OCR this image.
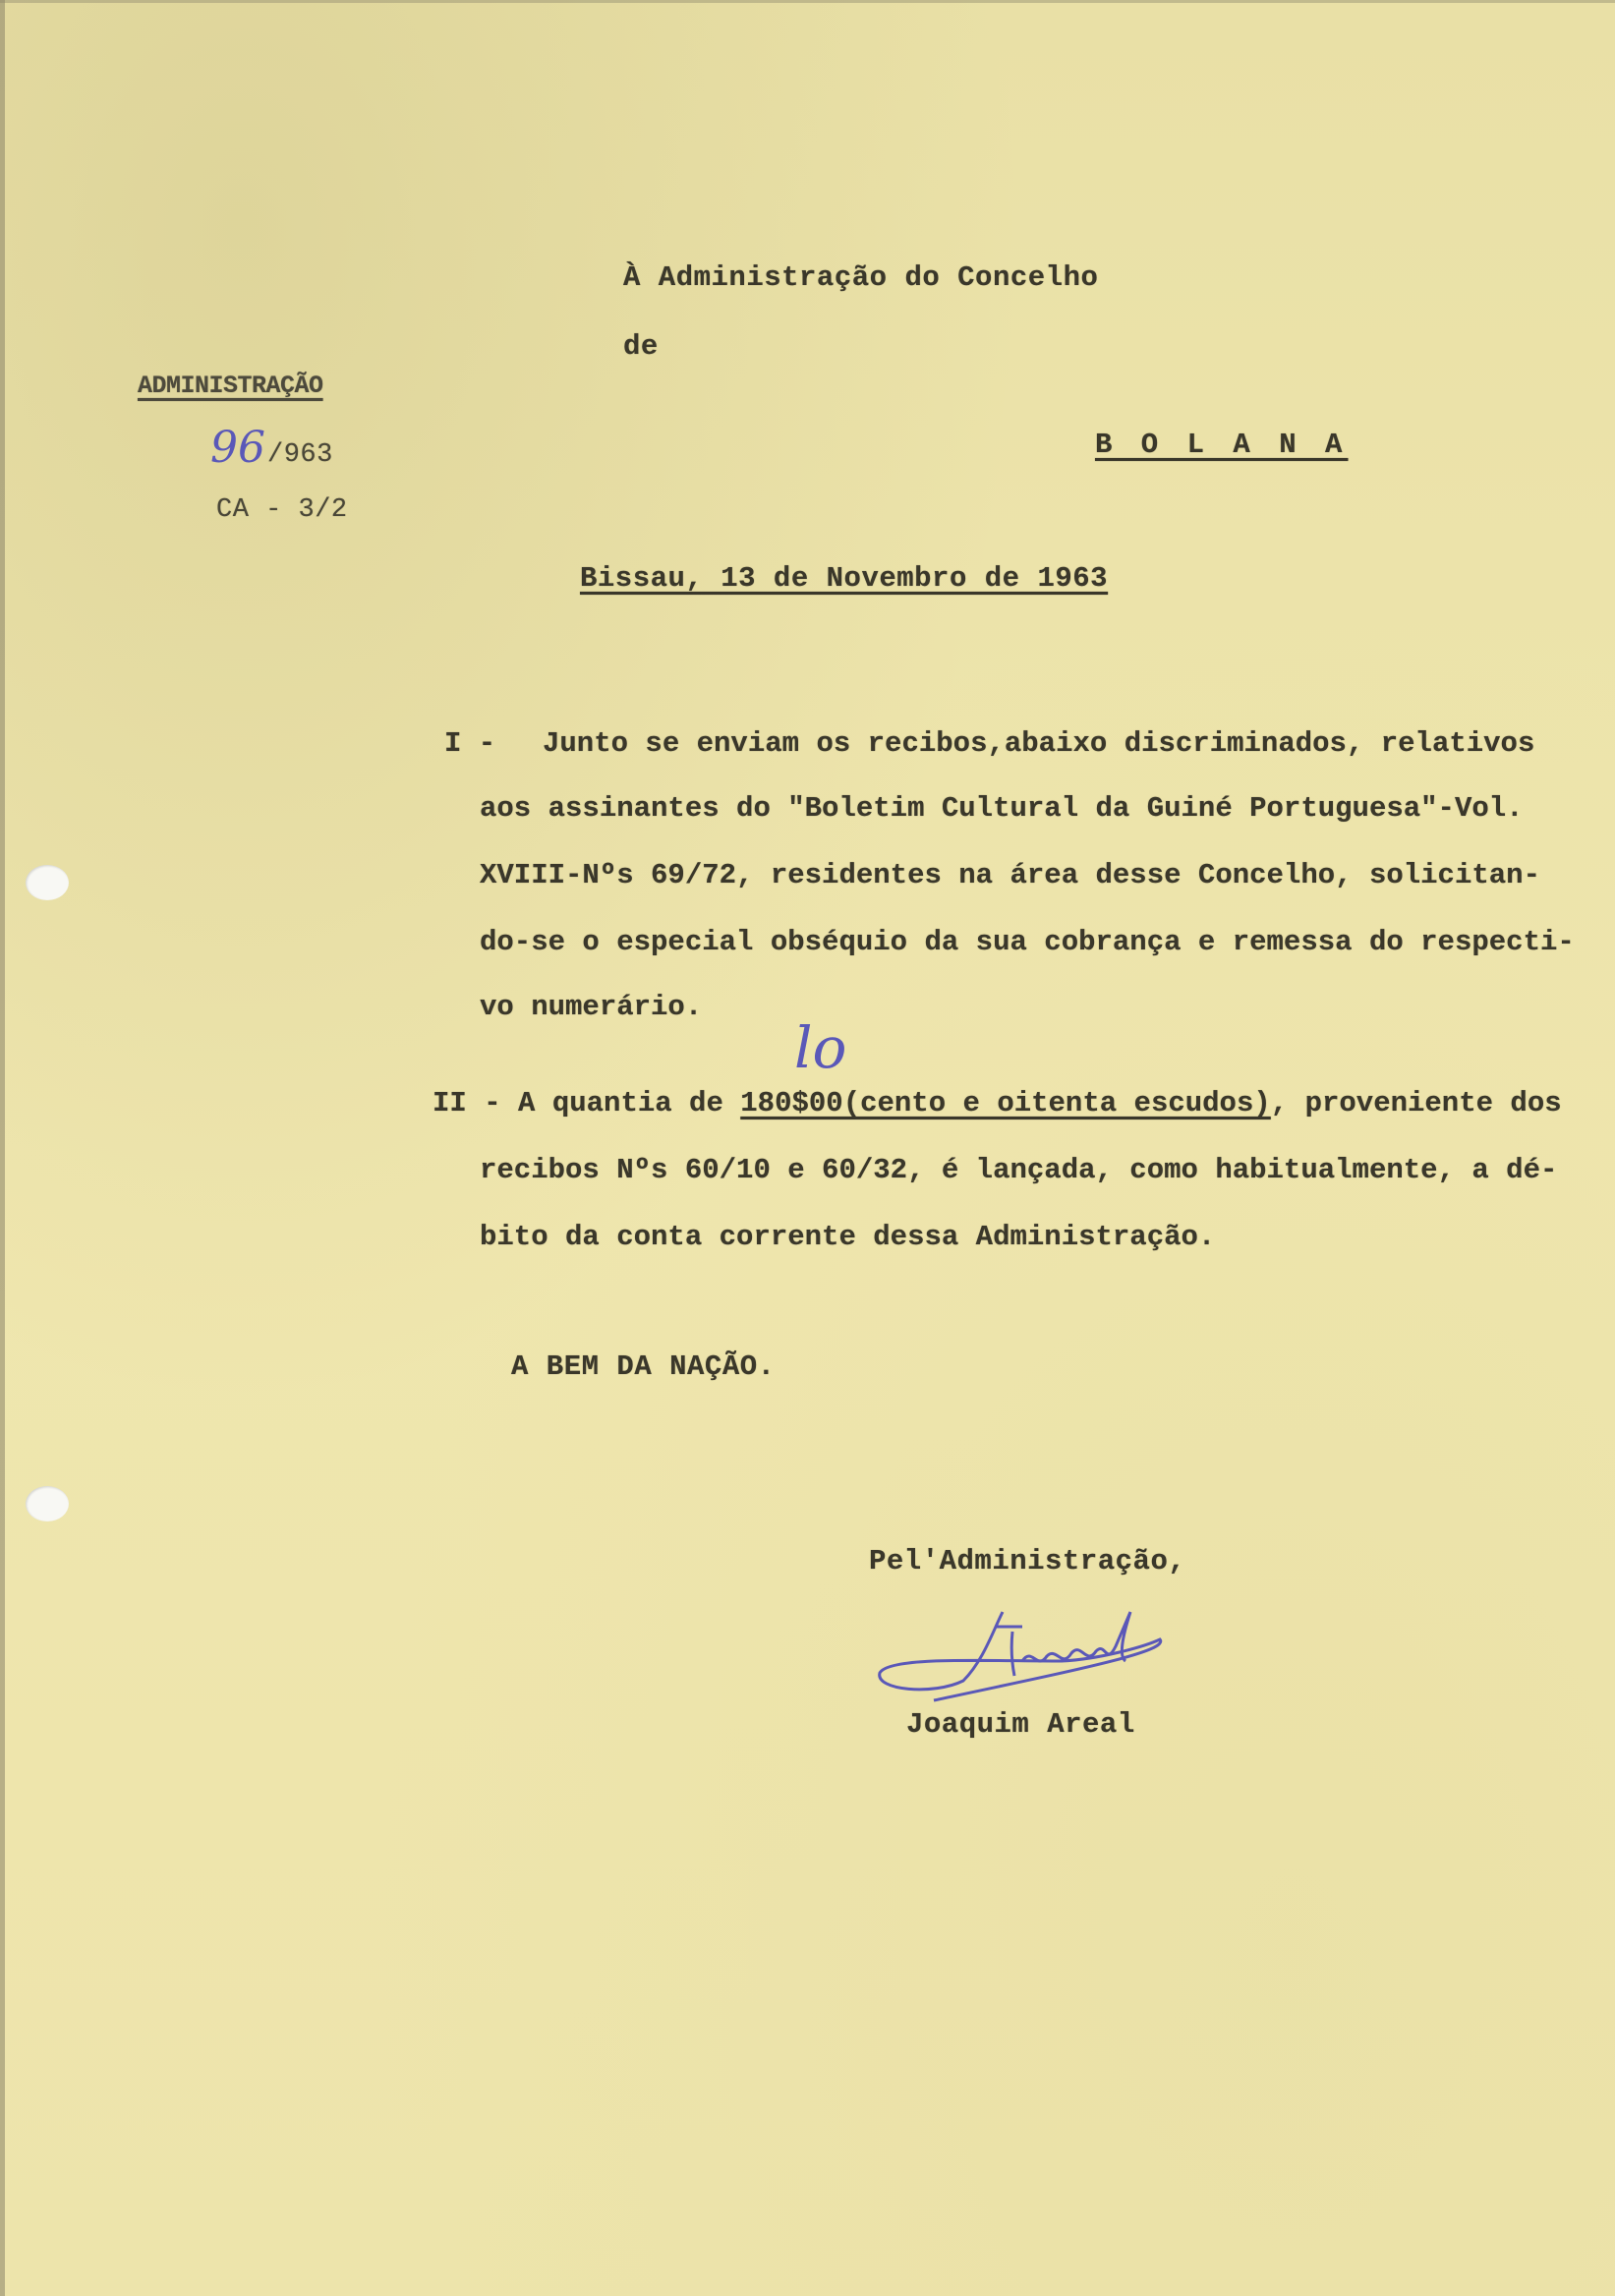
À Administração do Concelho
de
B O L A N A
ADMINISTRAÇÃO
96 /963
CA - 3/2
Bissau, 13 de Novembro de 1963
I - Junto se enviam os recibos,abaixo discriminados, relativos
aos assinantes do "Boletim Cultural da Guiné Portuguesa"-Vol.
XVIII-Nºs 69/72, residentes na área desse Concelho, solicitan-
do-se o especial obséquio da sua cobrança e remessa do respecti-
vo numerário.
lo
II - A quantia de 180$00(cento e oitenta escudos), proveniente dos
recibos Nºs 60/10 e 60/32, é lançada, como habitualmente, a dé-
bito da conta corrente dessa Administração.
A BEM DA NAÇÃO.
Pel'Administração,
Joaquim Areal
